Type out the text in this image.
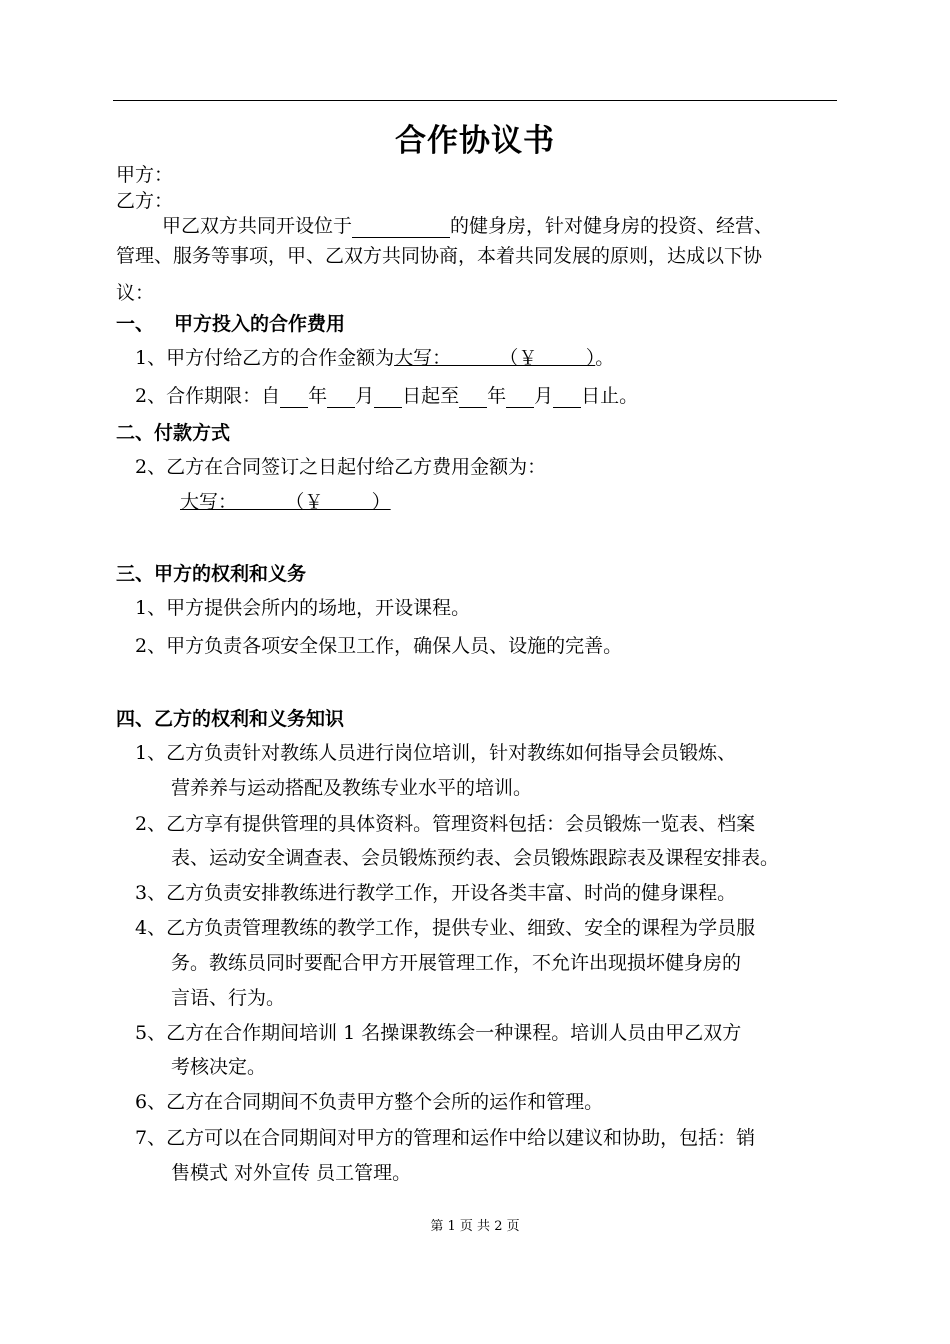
合作协议书
甲方：
乙方：
甲乙双方共同开设位于	的健身房，针对健身房的投资、经营、
管理、服务等事项，甲、乙双方共同协商，本着共同发展的原则，达成以下协
议：
一、 甲方投入的合作费用
1、甲方付给乙方的合作金额为大写：        （￥        ）。
2、合作期限：自 年 月 日起至 年 月 日止。
二、付款方式
2、乙方在合同签订之日起付给乙方费用金额为：
大写：        （￥        ）
三、甲方的权利和义务
1、甲方提供会所内的场地，开设课程。
2、甲方负责各项安全保卫工作，确保人员、设施的完善。
四、乙方的权利和义务知识
1、乙方负责针对教练人员进行岗位培训，针对教练如何指导会员锻炼、
营养养与运动搭配及教练专业水平的培训。
2、乙方享有提供管理的具体资料。管理资料包括：会员锻炼一览表、档案
表、运动安全调查表、会员锻炼预约表、会员锻炼跟踪表及课程安排表。
3、乙方负责安排教练进行教学工作，开设各类丰富、时尚的健身课程。
4、乙方负责管理教练的教学工作，提供专业、细致、安全的课程为学员服
务。教练员同时要配合甲方开展管理工作，不允许出现损坏健身房的
言语、行为。
5、乙方在合作期间培训 1 名操课教练会一种课程。培训人员由甲乙双方
考核决定。
6、乙方在合同期间不负责甲方整个会所的运作和管理。
7、乙方可以在合同期间对甲方的管理和运作中给以建议和协助，包括：销
售模式 对外宣传 员工管理。
第 1 页 共 2 页
